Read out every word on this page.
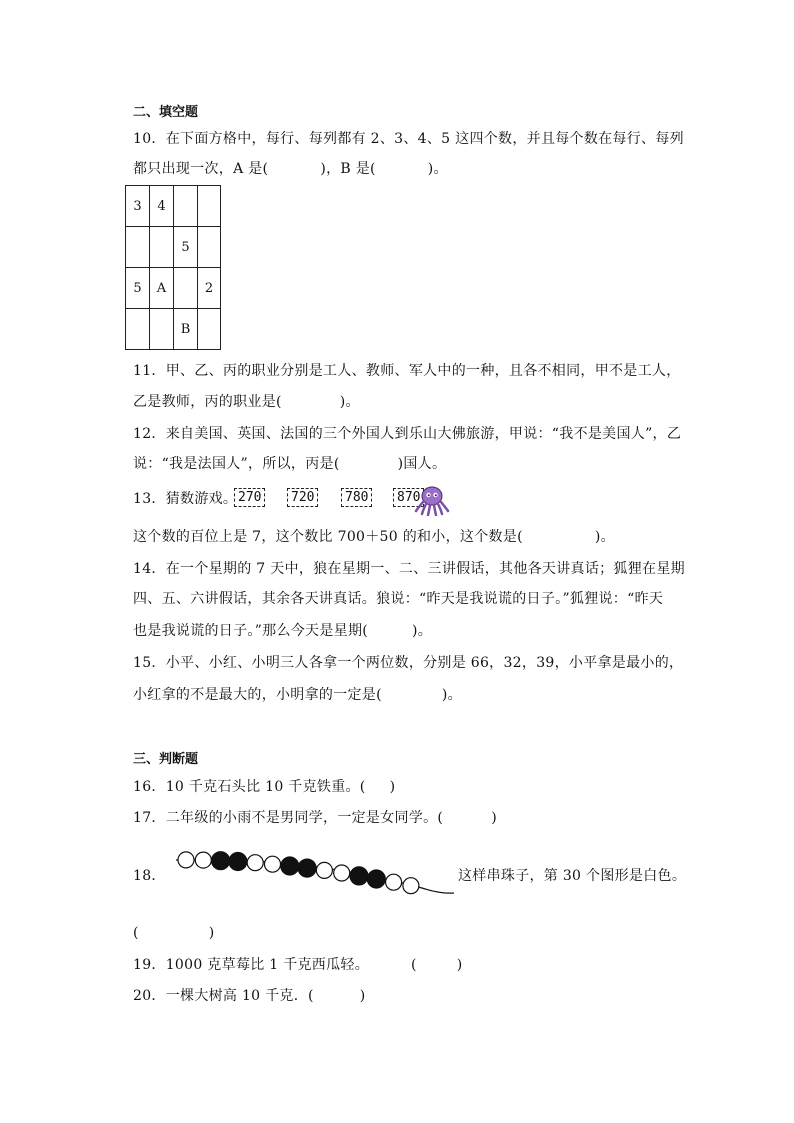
二、填空题
10．在下面方格中，每行、每列都有 2、3、4、5 这四个数，并且每个数在每行、每列
都只出现一次，A 是(	)，B 是(	)。
3	4		
		5	
5	A		2
		B	
11．甲、乙、丙的职业分别是工人、教师、军人中的一种，且各不相同，甲不是工人，
乙是教师，丙的职业是(	)。
12．来自美国、英国、法国的三个外国人到乐山大佛旅游，甲说：“我不是美国人”，乙
说：“我是法国人”，所以，丙是(	)国人。
13．猜数游戏。 270	720	780	870
这个数的百位上是 7，这个数比 700＋50 的和小，这个数是(	)。
14．在一个星期的 7 天中，狼在星期一、二、三讲假话，其他各天讲真话；狐狸在星期
四、五、六讲假话，其余各天讲真话。狼说：“昨天是我说谎的日子。”狐狸说：“昨天
也是我说谎的日子。”那么今天是星期(	)。
15．小平、小红、小明三人各拿一个两位数，分别是 66，32，39，小平拿是最小的，
小红拿的不是最大的，小明拿的一定是(	)。
三、判断题
16．10 千克石头比 10 千克铁重。( )
17．二年级的小雨不是男同学，一定是女同学。(	)
18．	这样串珠子，第 30 个图形是白色。
(	)
19．1000 克草莓比 1 千克西瓜轻。	(	)
20．一棵大树高 10 千克．(	)
